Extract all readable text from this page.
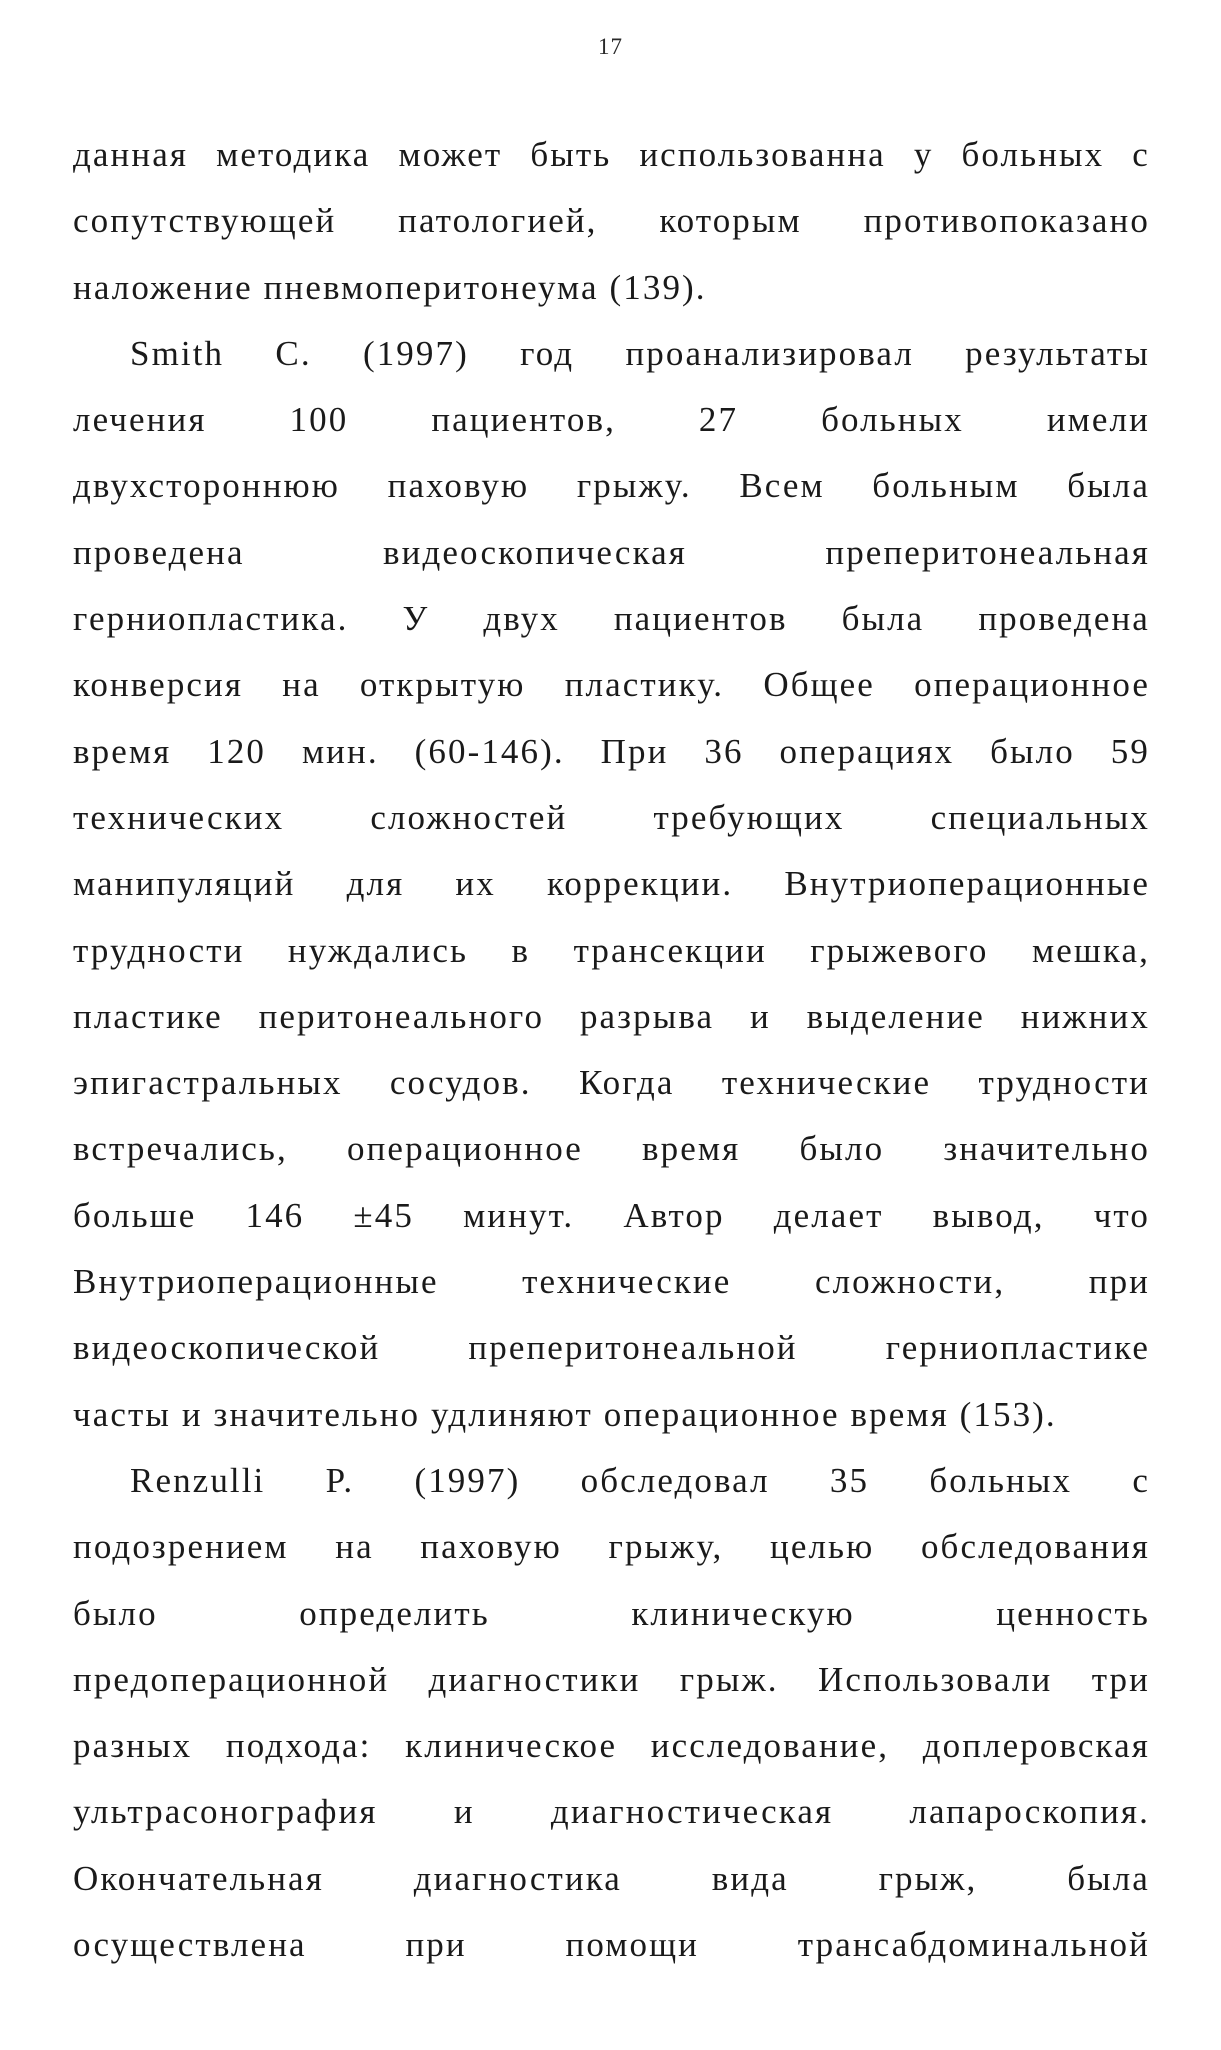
17
данная методика может быть использованна у больных с
сопутствующей патологией, которым противопоказано
наложение пневмоперитонеума (139).
Smith C. (1997) год проанализировал результаты
лечения 100 пациентов, 27 больных имели
двухстороннюю паховую грыжу. Всем больным была
проведена	видеоскопическая	преперитонеальная
герниопластика. У двух пациентов была проведена
конверсия на открытую пластику. Общее операционное
время 120 мин. (60-146). При 36 операциях было 59
технических сложностей требующих специальных
манипуляций для их коррекции. Внутриоперационные
трудности нуждались в трансекции грыжевого мешка,
пластике перитонеального разрыва и выделение нижних
эпигастральных сосудов. Когда технические трудности
встречались, операционное время было значительно
больше 146 ±45 минут. Автор делает вывод, что
Внутриоперационные технические сложности, при
видеоскопической	преперитонеальной	герниопластике
часты и значительно удлиняют операционное время (153).
Renzulli P. (1997) обследовал 35 больных с
подозрением на паховую грыжу, целью обследования
было	определить	клиническую	ценность
предоперационной диагностики грыж. Использовали три
разных подхода: клиническое исследование, доплеровская
ультрасонография и диагностическая лапароскопия.
Окончательная	диагностика	вида	грыж,	была
осуществлена	при	помощи	трансабдоминальной
